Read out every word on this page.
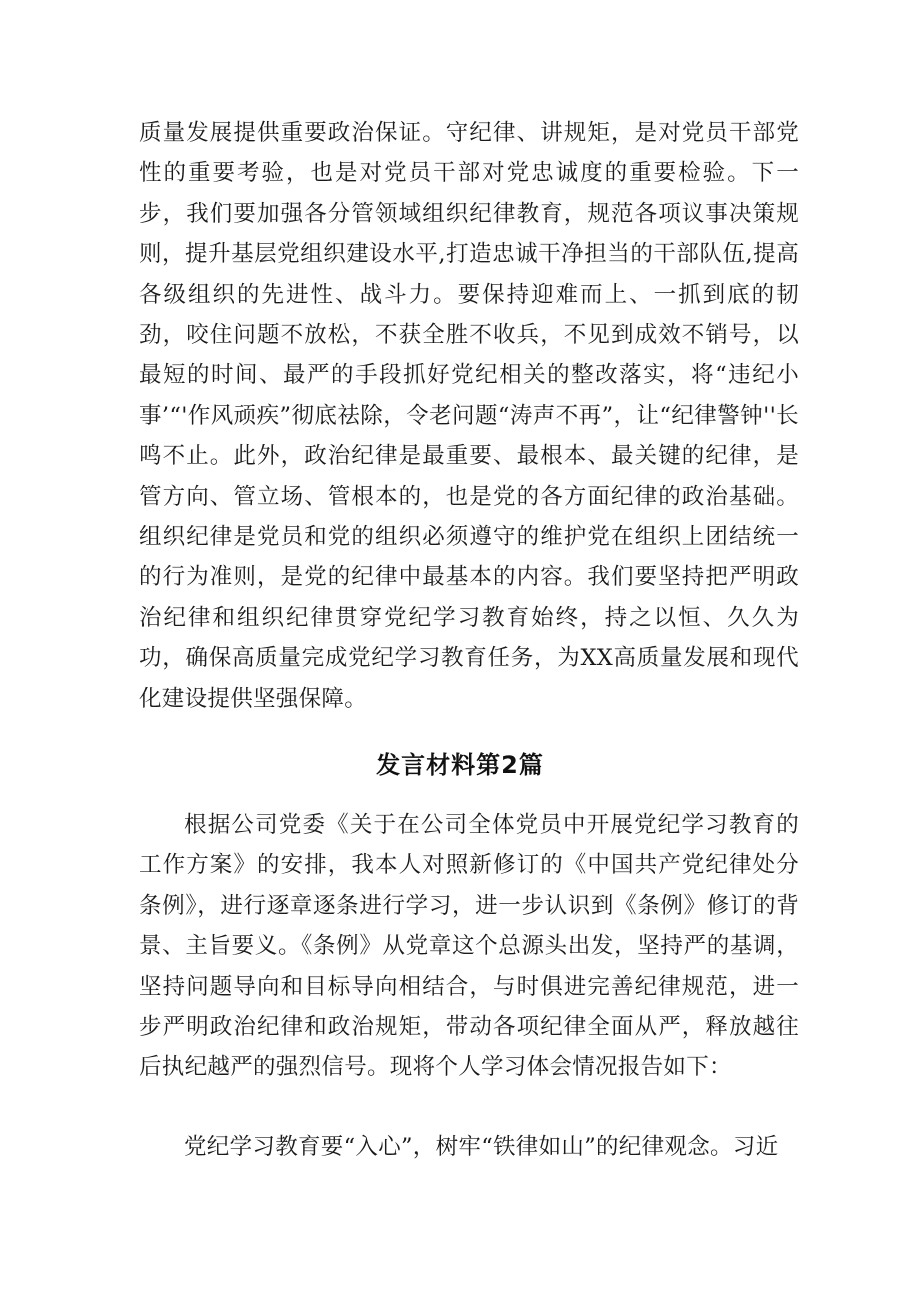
质量发展提供重要政治保证。守纪律、讲规矩，是对党员干部党性的重要考验，也是对党员干部对党忠诚度的重要检验。下一步，我们要加强各分管领域组织纪律教育，规范各项议事决策规则，提升基层党组织建设水平,打造忠诚干净担当的干部队伍,提高各级组织的先进性、战斗力。要保持迎难而上、一抓到底的韧劲，咬住问题不放松，不获全胜不收兵，不见到成效不销号，以最短的时间、最严的手段抓好党纪相关的整改落实，将“违纪小事’“'作风顽疾”彻底祛除，令老问题“涛声不再”，让“纪律警钟''长鸣不止。此外，政治纪律是最重要、最根本、最关键的纪律，是管方向、管立场、管根本的，也是党的各方面纪律的政治基础。组织纪律是党员和党的组织必须遵守的维护党在组织上团结统一的行为准则，是党的纪律中最基本的内容。我们要坚持把严明政治纪律和组织纪律贯穿党纪学习教育始终，持之以恒、久久为功，确保高质量完成党纪学习教育任务，为XX高质量发展和现代化建设提供坚强保障。

发言材料第2篇

根据公司党委《关于在公司全体党员中开展党纪学习教育的工作方案》的安排，我本人对照新修订的《中国共产党纪律处分条例》，进行逐章逐条进行学习，进一步认识到《条例》修订的背景、主旨要义。《条例》从党章这个总源头出发，坚持严的基调，坚持问题导向和目标导向相结合，与时俱进完善纪律规范，进一步严明政治纪律和政治规矩，带动各项纪律全面从严，释放越往后执纪越严的强烈信号。现将个人学习体会情况报告如下：

党纪学习教育要“入心”，树牢“铁律如山”的纪律观念。习近
